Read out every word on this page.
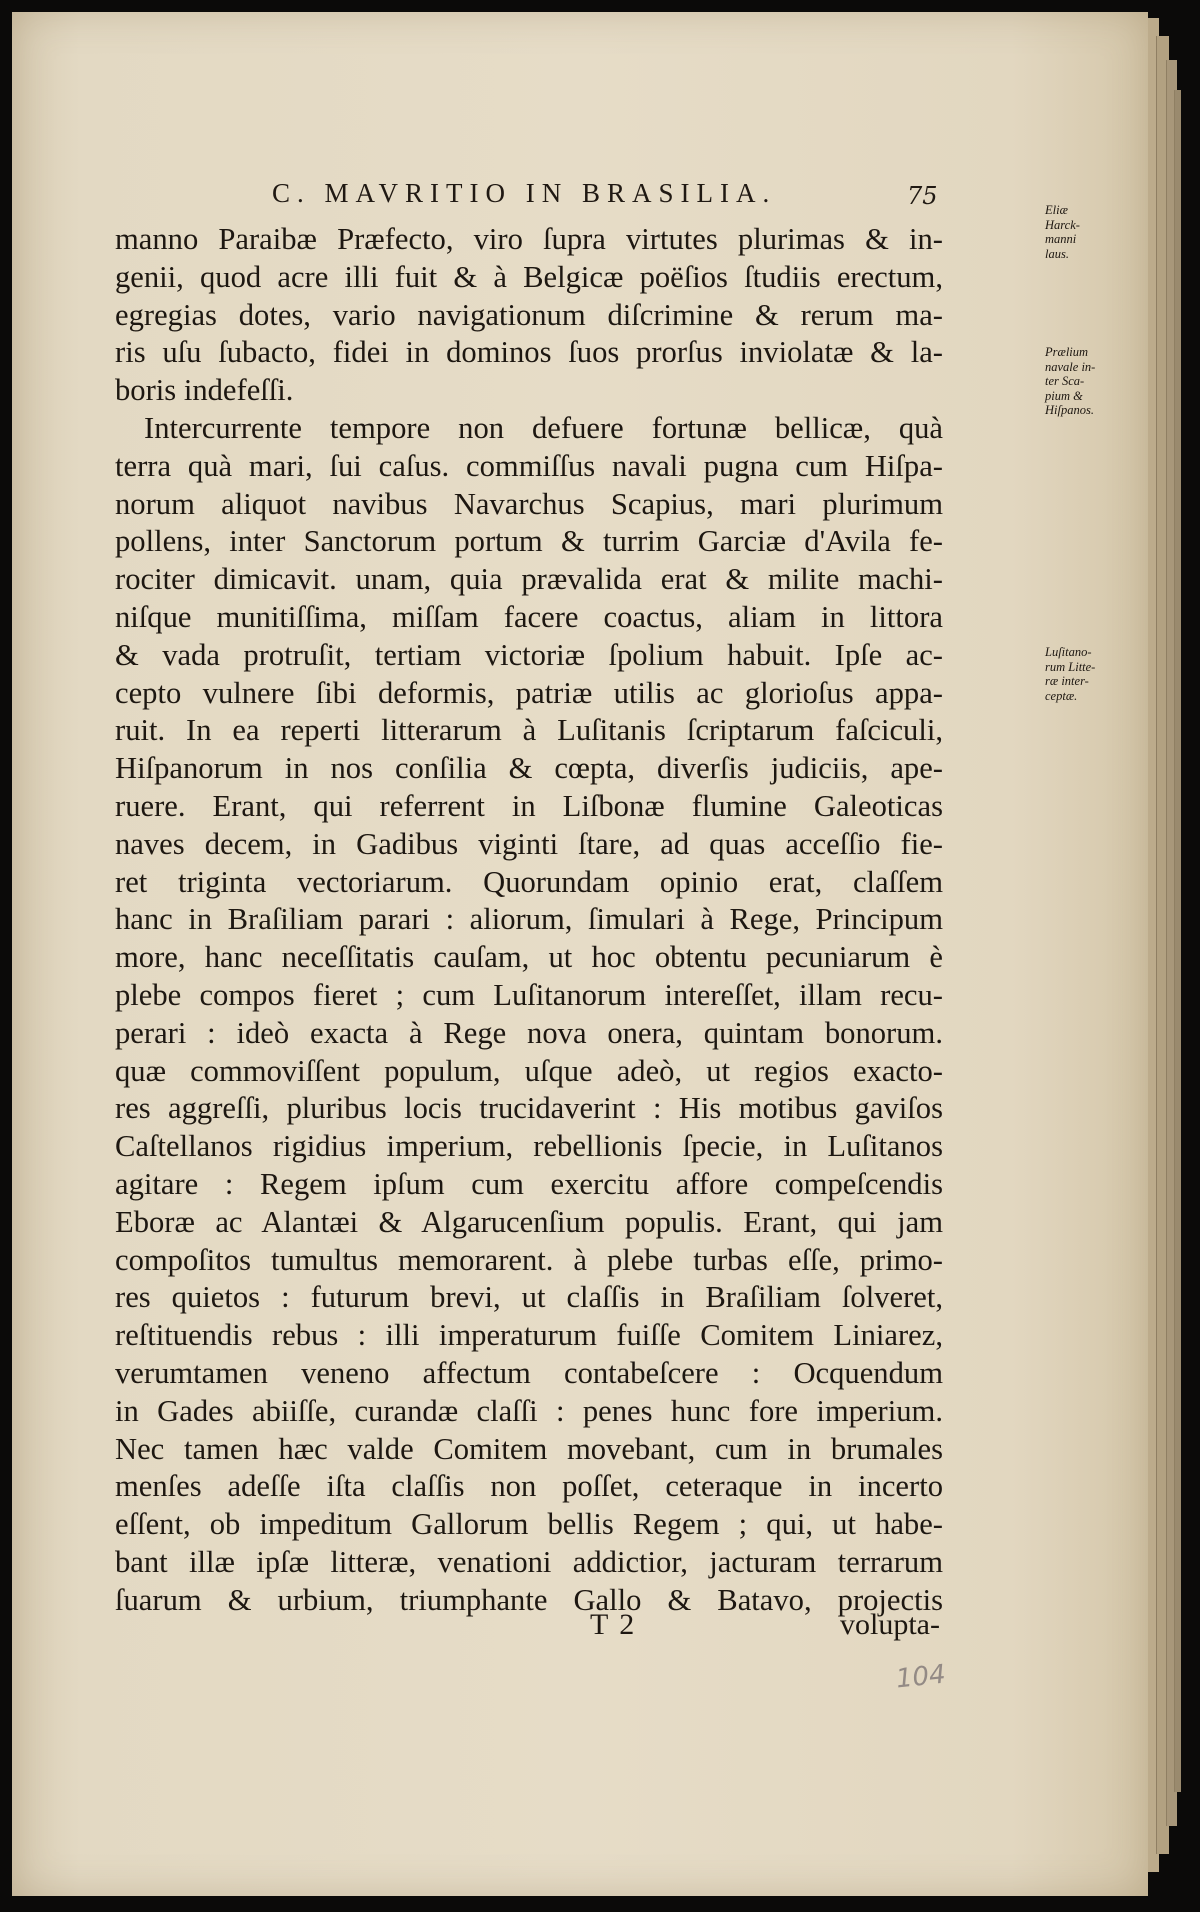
C. MAVRITIO IN BRASILIA.	75
manno Paraibæ Præfecto, viro ſupra virtutes plurimas & in-
genii, quod acre illi fuit & à Belgicæ poëſios ſtudiis erectum,
egregias dotes, vario navigationum diſcrimine & rerum ma-
ris uſu ſubacto, fidei in dominos ſuos prorſus inviolatæ & la-
boris indefeſſi.
Intercurrente tempore non defuere fortunæ bellicæ, quà
terra quà mari, ſui caſus. commiſſus navali pugna cum Hiſpa-
norum aliquot navibus Navarchus Scapius, mari plurimum
pollens, inter Sanctorum portum & turrim Garciæ d'Avila fe-
rociter dimicavit. unam, quia prævalida erat & milite machi-
niſque munitiſſima, miſſam facere coactus, aliam in littora
& vada protruſit, tertiam victoriæ ſpolium habuit. Ipſe ac-
cepto vulnere ſibi deformis, patriæ utilis ac glorioſus appa-
ruit. In ea reperti litterarum à Luſitanis ſcriptarum faſciculi,
Hiſpanorum in nos conſilia & cœpta, diverſis judiciis, ape-
ruere. Erant, qui referrent in Liſbonæ flumine Galeoticas
naves decem, in Gadibus viginti ſtare, ad quas acceſſio fie-
ret triginta vectoriarum. Quorundam opinio erat, claſſem
hanc in Braſiliam parari : aliorum, ſimulari à Rege, Principum
more, hanc neceſſitatis cauſam, ut hoc obtentu pecuniarum è
plebe compos fieret ; cum Luſitanorum intereſſet, illam recu-
perari : ideò exacta à Rege nova onera, quintam bonorum.
quæ commoviſſent populum, uſque adeò, ut regios exacto-
res aggreſſi, pluribus locis trucidaverint : His motibus gaviſos
Caſtellanos rigidius imperium, rebellionis ſpecie, in Luſitanos
agitare : Regem ipſum cum exercitu affore compeſcendis
Eboræ ac Alantæi & Algarucenſium populis. Erant, qui jam
compoſitos tumultus memorarent. à plebe turbas eſſe, primo-
res quietos : futurum brevi, ut claſſis in Braſiliam ſolveret,
reſtituendis rebus : illi imperaturum fuiſſe Comitem Liniarez,
verumtamen veneno affectum contabeſcere : Ocquendum
in Gades abiiſſe, curandæ claſſi : penes hunc fore imperium.
Nec tamen hæc valde Comitem movebant, cum in brumales
menſes adeſſe iſta claſſis non poſſet, ceteraque in incerto
eſſent, ob impeditum Gallorum bellis Regem ; qui, ut habe-
bant illæ ipſæ litteræ, venationi addictior, jacturam terrarum
ſuarum & urbium, triumphante Gallo & Batavo, projectis
Eliæ
Harck-
manni
laus.
Prælium
navale in-
ter Sca-
pium &
Hiſpanos.
Luſitano-
rum Litte-
ræ inter-
ceptæ.
T 2	volupta-
104
